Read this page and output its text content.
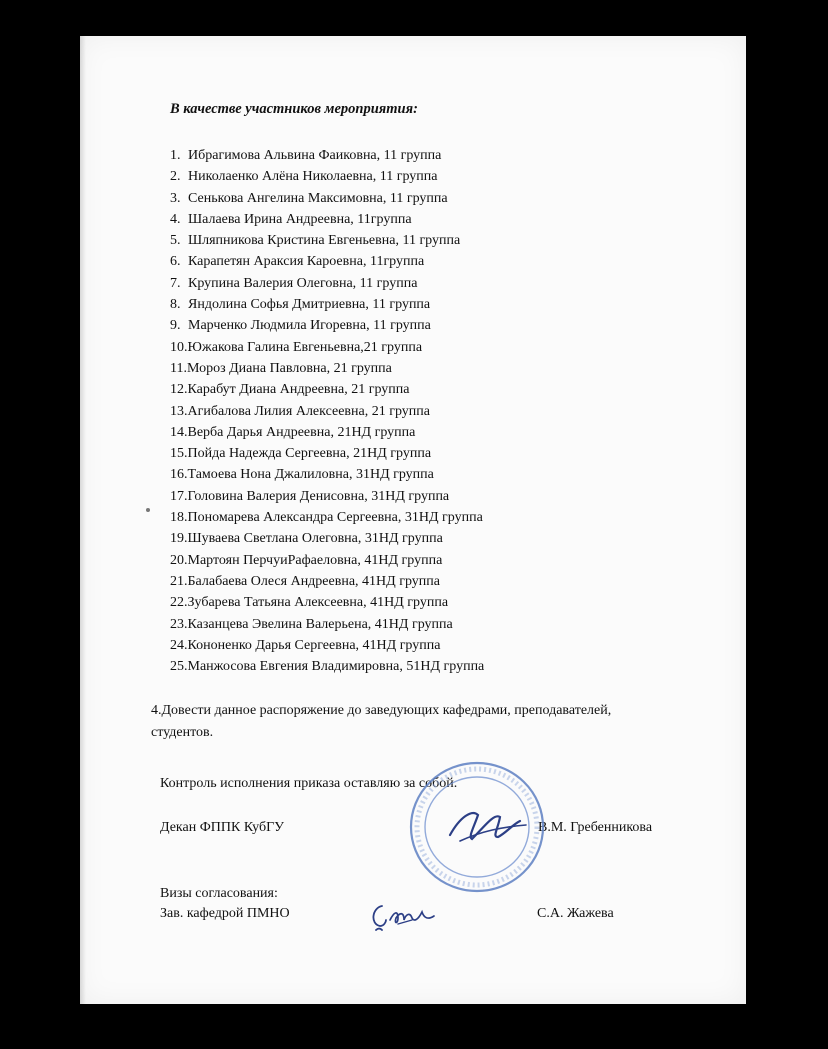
В качестве участников мероприятия:
1. Ибрагимова Альвина Фаиковна, 11 группа
2. Николаенко Алёна Николаевна, 11 группа
3. Сенькова Ангелина Максимовна, 11 группа
4. Шалаева Ирина Андреевна, 11группа
5. Шляпникова Кристина Евгеньевна, 11 группа
6. Карапетян Араксия Кароевна, 11группа
7. Крупина Валерия Олеговна, 11 группа
8. Яндолина Софья Дмитриевна, 11 группа
9. Марченко Людмила Игоревна, 11 группа
10.Южакова Галина Евгеньевна,21 группа
11.Мороз Диана Павловна, 21 группа
12.Карабут Диана Андреевна, 21 группа
13.Агибалова Лилия Алексеевна, 21 группа
14.Верба Дарья Андреевна, 21НД группа
15.Пойда Надежда Сергеевна, 21НД группа
16.Тамоева Нона Джалиловна, 31НД группа
17.Головина Валерия Денисовна, 31НД группа
18.Пономарева Александра Сергеевна, 31НД группа
19.Шуваева Светлана Олеговна, 31НД группа
20.Мартоян ПерчуиРафаеловна, 41НД группа
21.Балабаева Олеся Андреевна, 41НД группа
22.Зубарева Татьяна Алексеевна, 41НД группа
23.Казанцева Эвелина Валерьена, 41НД группа
24.Кононенко Дарья Сергеевна, 41НД группа
25.Манжосова Евгения Владимировна, 51НД группа
4.Довести данное распоряжение до заведующих кафедрами, преподавателей, студентов.
Контроль исполнения приказа оставляю за собой.
Декан ФППК КубГУ	В.М. Гребенникова
Визы согласования:
Зав. кафедрой ПМНО	С.А. Жажева
